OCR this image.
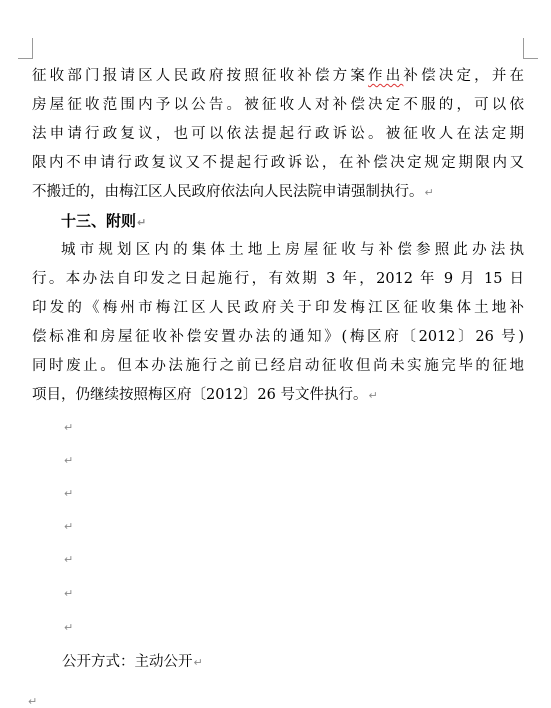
征收部门报请区人民政府按照征收补偿方案作出补偿决定，并在
房屋征收范围内予以公告。被征收人对补偿决定不服的，可以依
法申请行政复议，也可以依法提起行政诉讼。被征收人在法定期
限内不申请行政复议又不提起行政诉讼，在补偿决定规定期限内又
不搬迁的，由梅江区人民政府依法向人民法院申请强制执行。↵
十三、附则↵
城市规划区内的集体土地上房屋征收与补偿参照此办法执
行。本办法自印发之日起施行，有效期 3 年，2012 年 9 月 15 日
印发的《梅州市梅江区人民政府关于印发梅江区征收集体土地补
偿标准和房屋征收补偿安置办法的通知》(梅区府〔2012〕26 号)
同时废止。但本办法施行之前已经启动征收但尚未实施完毕的征地
项目，仍继续按照梅区府〔2012〕26 号文件执行。↵
↵
↵
↵
↵
↵
↵
↵
公开方式：主动公开↵
↵
